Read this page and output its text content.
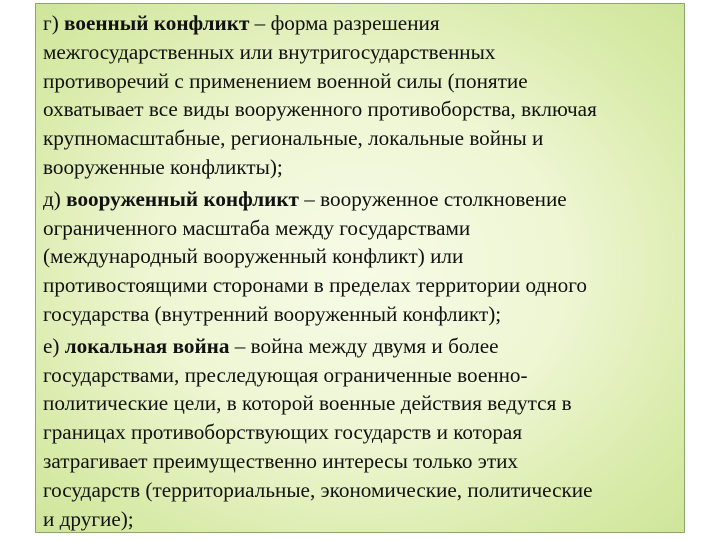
г) военный конфликт – форма разрешения
межгосударственных или внутригосударственных
противоречий с применением военной силы (понятие
охватывает все виды вооруженного противоборства, включая
крупномасштабные, региональные, локальные войны и
вооруженные конфликты);

д) вооруженный конфликт – вооруженное столкновение
ограниченного масштаба между государствами
(международный вооруженный конфликт) или
противостоящими сторонами в пределах территории одного
государства (внутренний вооруженный конфликт);

е) локальная война – война между двумя и более
государствами, преследующая ограниченные военно-
политические цели, в которой военные действия ведутся в
границах противоборствующих государств и которая
затрагивает преимущественно интересы только этих
государств (территориальные, экономические, политические
и другие);
